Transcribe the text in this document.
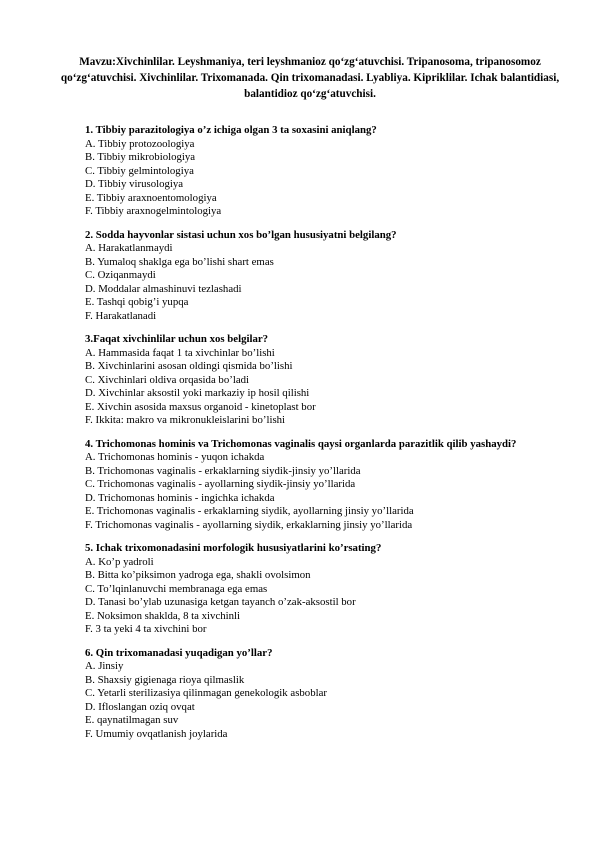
Mavzu:Xivchinlilar. Leyshmaniya, teri leyshmanioz qo‘zg‘atuvchisi. Tripanosoma, tripanosomoz qo‘zg‘atuvchisi. Xivchinlilar. Trixomanada. Qin trixomanadasi. Lyabliya. Kipriklilar. Ichak balantidiasi, balantidioz qo‘zg‘atuvchisi.
1. Tibbiy parazitologiya o’z ichiga olgan 3 ta soxasini aniqlang?
A. Tibbiy protozoologiya
B. Tibbiy mikrobiologiya
C. Tibbiy gelmintologiya
D. Tibbiy virusologiya
E. Tibbiy araxnoentomologiya
F. Tibbiy araxnogelmintologiya
2. Sodda hayvonlar sistasi uchun xos bo’lgan hususiyatni belgilang?
A. Harakatlanmaydi
B. Yumaloq shaklga ega bo’lishi shart emas
C. Oziqanmaydi
D. Moddalar almashinuvi tezlashadi
E. Tashqi qobig’i yupqa
F. Harakatlanadi
3.Faqat xivchinlilar uchun xos belgilar?
A. Hammasida faqat 1 ta xivchinlar bo’lishi
B. Xivchinlarini asosan oldingi qismida bo’lishi
C. Xivchinlari oldiva orqasida bo’ladi
D. Xivchinlar aksostil yoki markaziy ip hosil qilishi
E. Xivchin asosida maxsus organoid - kinetoplast bor
F. Ikkita: makro va mikronukleislarini bo’lishi
4. Trichomonas hominis va Trichomonas vaginalis qaysi organlarda parazitlik qilib yashaydi?
A. Trichomonas hominis - yuqon ichakda
B. Trichomonas vaginalis - erkaklarning siydik-jinsiy yo’llarida
C. Trichomonas vaginalis - ayollarning siydik-jinsiy yo’llarida
D. Trichomonas hominis - ingichka ichakda
E. Trichomonas vaginalis - erkaklarning siydik, ayollarning jinsiy yo’llarida
F. Trichomonas vaginalis - ayollarning siydik, erkaklarning jinsiy yo’llarida
5. Ichak trixomonadasini morfologik hususiyatlarini ko’rsating?
A. Ko’p yadroli
B. Bitta ko’piksimon yadroga ega, shakli ovolsimon
C. To’lqinlanuvchi membranaga ega emas
D. Tanasi bo’ylab uzunasiga ketgan tayanch o’zak-aksostil bor
E. Noksimon shaklda, 8 ta xivchinli
F. 3 ta yeki 4 ta xivchini bor
6. Qin trixomanadasi yuqadigan yo’llar?
A. Jinsiy
B. Shaxsiy gigienaga rioya qilmaslik
C. Yetarli sterilizasiya qilinmagan genekologik asboblar
D. Ifloslangan oziq ovqat
E. qaynatilmagan suv
F. Umumiy ovqatlanish joylarida
